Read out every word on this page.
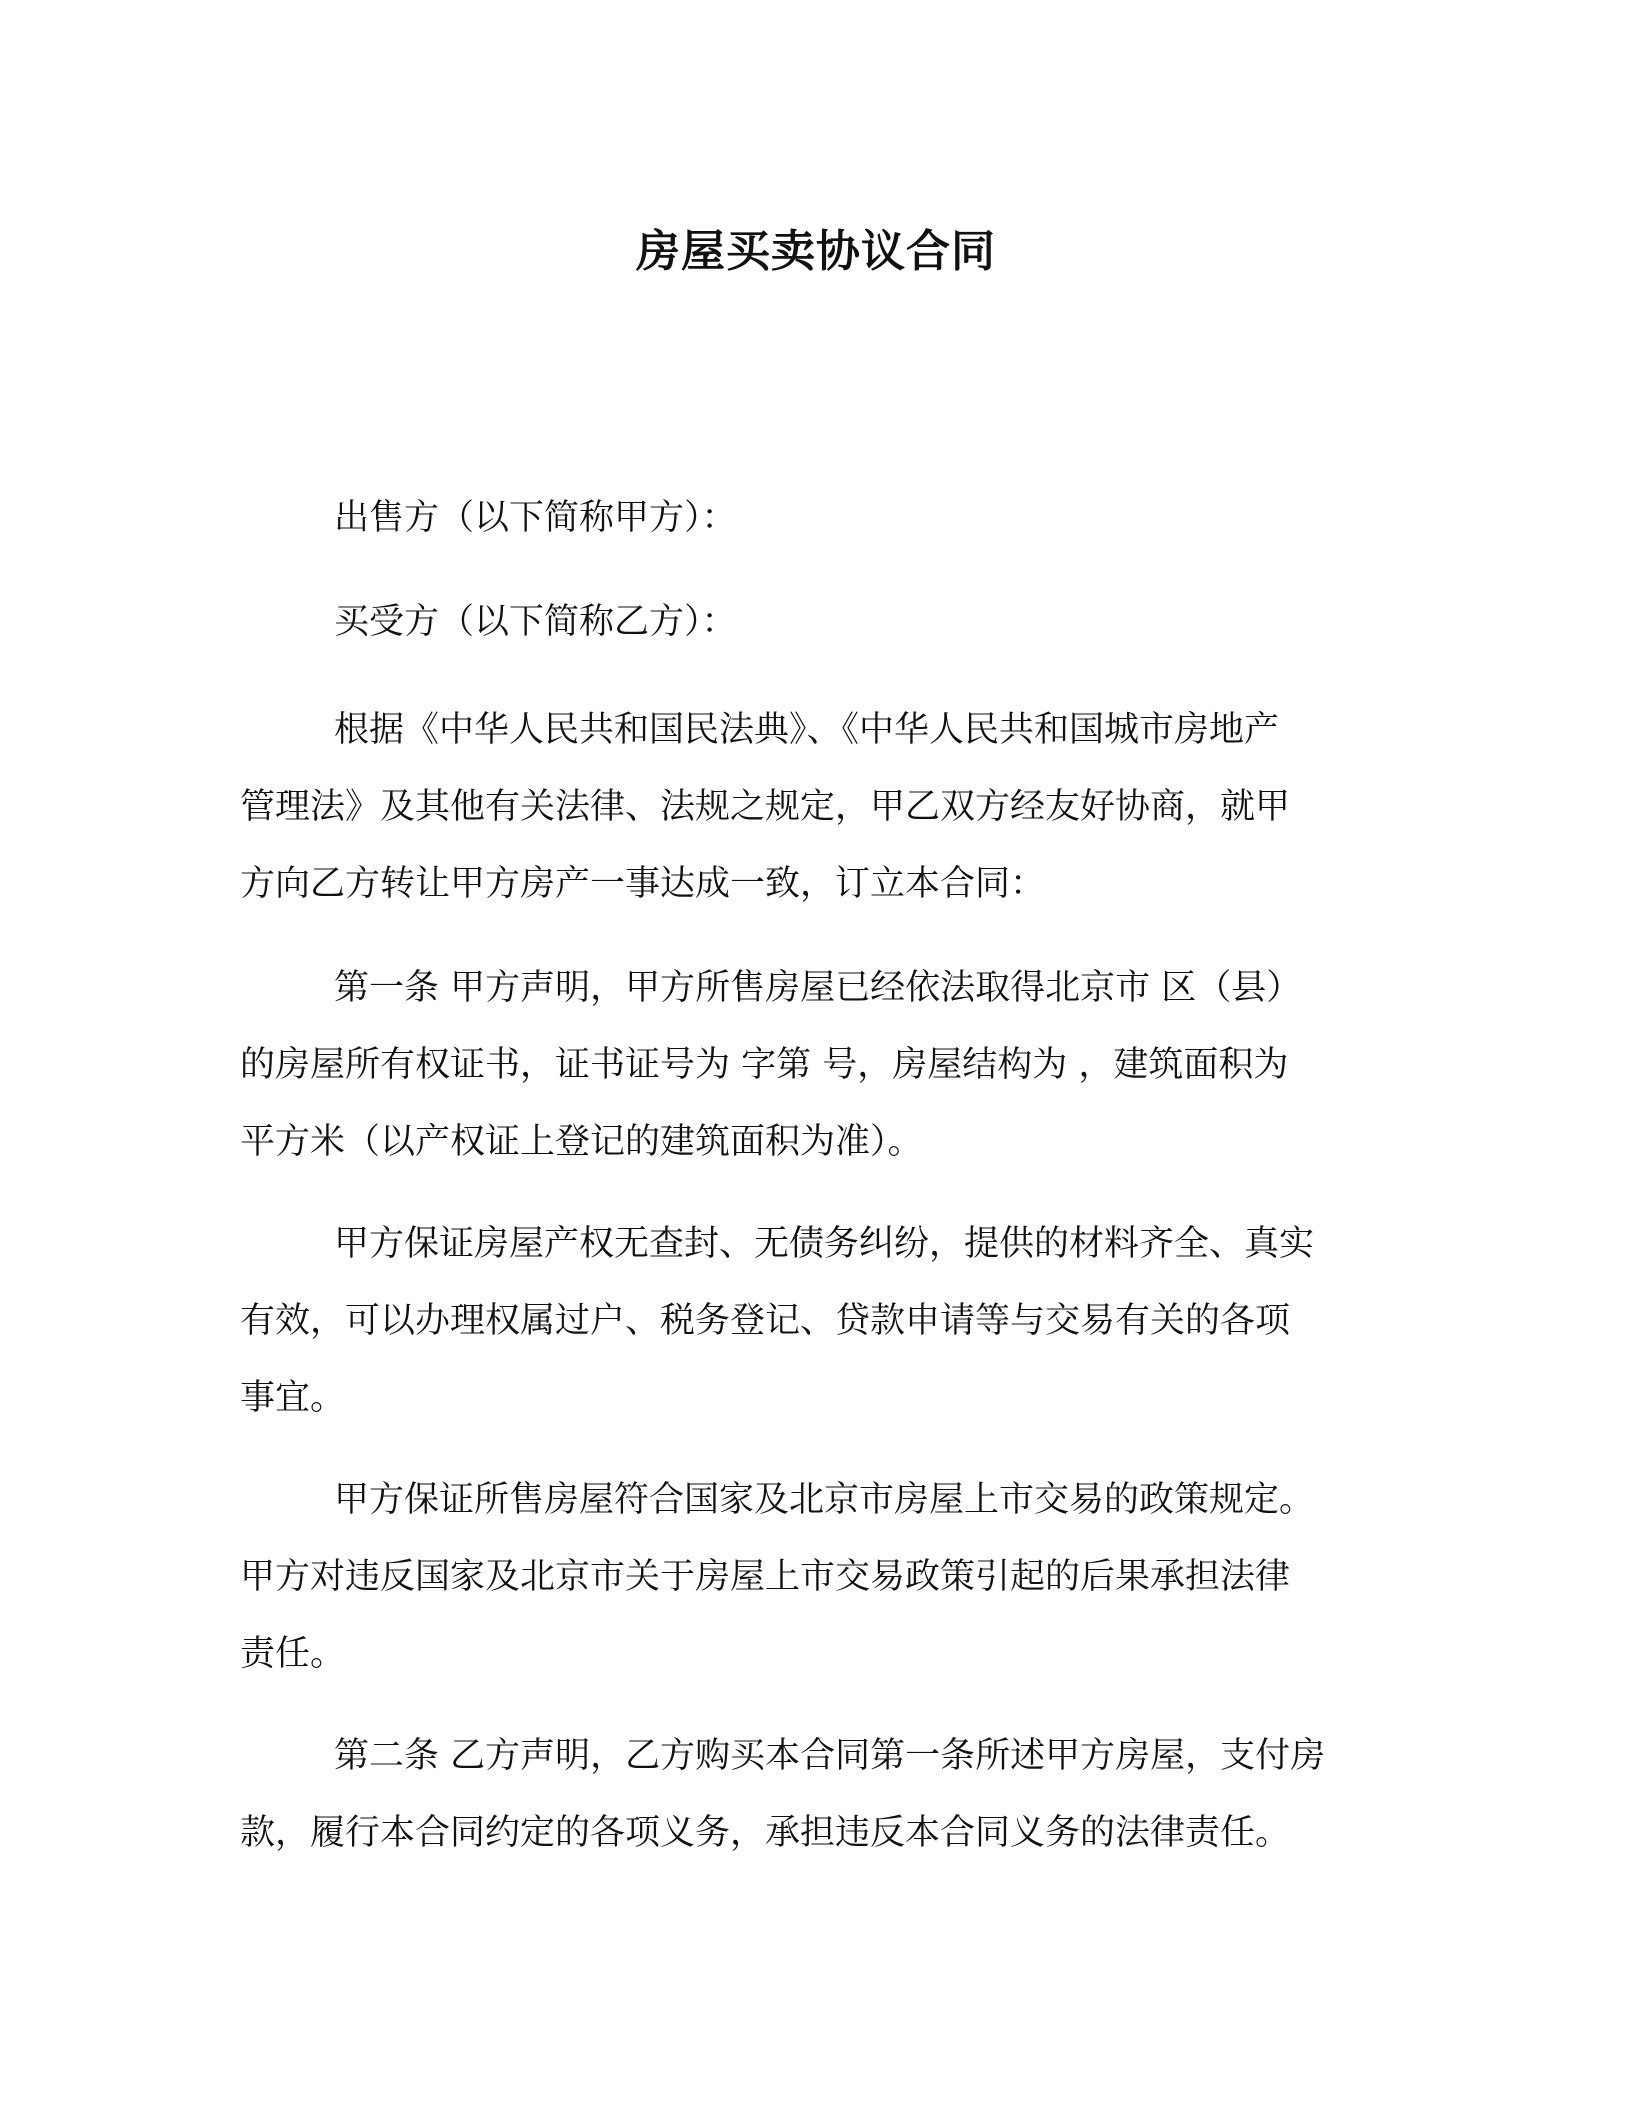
房屋买卖协议合同
出售方（以下简称甲方）：
买受方（以下简称乙方）：
根据《中华人民共和国民法典》、《中华人民共和国城市房地产
管理法》及其他有关法律、法规之规定，甲乙双方经友好协商，就甲
方向乙方转让甲方房产一事达成一致，订立本合同：
第一条 甲方声明，甲方所售房屋已经依法取得北京市 区（县）
的房屋所有权证书，证书证号为 字第 号，房屋结构为 ，建筑面积为
平方米（以产权证上登记的建筑面积为准）。
甲方保证房屋产权无查封、无债务纠纷，提供的材料齐全、真实
有效，可以办理权属过户、税务登记、贷款申请等与交易有关的各项
事宜。
甲方保证所售房屋符合国家及北京市房屋上市交易的政策规定。
甲方对违反国家及北京市关于房屋上市交易政策引起的后果承担法律
责任。
第二条 乙方声明，乙方购买本合同第一条所述甲方房屋，支付房
款，履行本合同约定的各项义务，承担违反本合同义务的法律责任。
